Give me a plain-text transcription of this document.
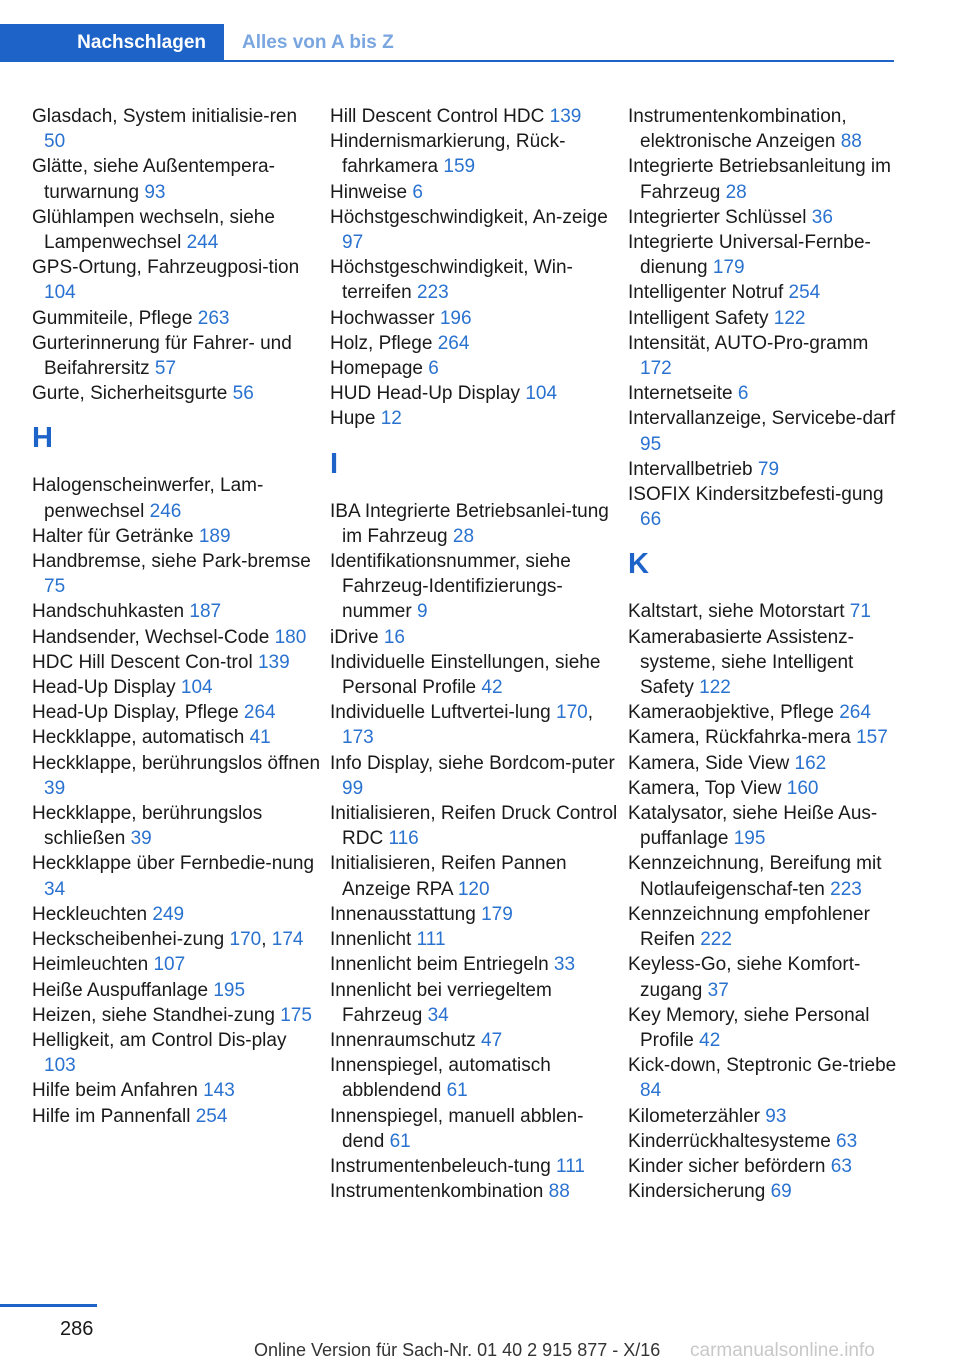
Nachschlagen	Alles von A bis Z

Glasdach, System initialisie-ren 50

Glätte, siehe Außentempera-turwarnung 93

Glühlampen wechseln, siehe Lampenwechsel 244

GPS-Ortung, Fahrzeugposi-tion 104

Gummiteile, Pflege 263

Gurterinnerung für Fahrer- und Beifahrersitz 57

Gurte, Sicherheitsgurte 56

H

Halogenscheinwerfer, Lam-penwechsel 246

Halter für Getränke 189

Handbremse, siehe Park-bremse 75

Handschuhkasten 187

Handsender, Wechsel-Code 180

HDC Hill Descent Con-trol 139

Head-Up Display 104

Head-Up Display, Pflege 264

Heckklappe, automatisch 41

Heckklappe, berührungslos öffnen 39

Heckklappe, berührungslos schließen 39

Heckklappe über Fernbedie-nung 34

Heckleuchten 249

Heckscheibenhei-zung 170, 174

Heimleuchten 107

Heiße Auspuffanlage 195

Heizen, siehe Standhei-zung 175

Helligkeit, am Control Dis-play 103

Hilfe beim Anfahren 143

Hilfe im Pannenfall 254

Hill Descent Control HDC 139

Hindernismarkierung, Rück-fahrkamera 159

Hinweise 6

Höchstgeschwindigkeit, An-zeige 97

Höchstgeschwindigkeit, Win-terreifen 223

Hochwasser 196

Holz, Pflege 264

Homepage 6

HUD Head-Up Display 104

Hupe 12

I

IBA Integrierte Betriebsanlei-tung im Fahrzeug 28

Identifikationsnummer, siehe Fahrzeug-Identifizierungs-nummer 9

iDrive 16

Individuelle Einstellungen, siehe Personal Profile 42

Individuelle Luftvertei-lung 170, 173

Info Display, siehe Bordcom-puter 99

Initialisieren, Reifen Druck Control RDC 116

Initialisieren, Reifen Pannen Anzeige RPA 120

Innenausstattung 179

Innenlicht 111

Innenlicht beim Entriegeln 33

Innenlicht bei verriegeltem Fahrzeug 34

Innenraumschutz 47

Innenspiegel, automatisch abblendend 61

Innenspiegel, manuell abblen-dend 61

Instrumentenbeleuch-tung 111

Instrumentenkombination 88

Instrumentenkombination, elektronische Anzeigen 88

Integrierte Betriebsanleitung im Fahrzeug 28

Integrierter Schlüssel 36

Integrierte Universal-Fernbe-dienung 179

Intelligenter Notruf 254

Intelligent Safety 122

Intensität, AUTO-Pro-gramm 172

Internetseite 6

Intervallanzeige, Servicebe-darf 95

Intervallbetrieb 79

ISOFIX Kindersitzbefesti-gung 66

K

Kaltstart, siehe Motorstart 71

Kamerabasierte Assistenz-systeme, siehe Intelligent Safety 122

Kameraobjektive, Pflege 264

Kamera, Rückfahrka-mera 157

Kamera, Side View 162

Kamera, Top View 160

Katalysator, siehe Heiße Aus-puffanlage 195

Kennzeichnung, Bereifung mit Notlaufeigenschaf-ten 223

Kennzeichnung empfohlener Reifen 222

Keyless-Go, siehe Komfort-zugang 37

Key Memory, siehe Personal Profile 42

Kick-down, Steptronic Ge-triebe 84

Kilometerzähler 93

Kinderrückhaltesysteme 63

Kinder sicher befördern 63

Kindersicherung 69

286
Online Version für Sach-Nr. 01 40 2 915 877 - X/16 carmanualsonline.info
